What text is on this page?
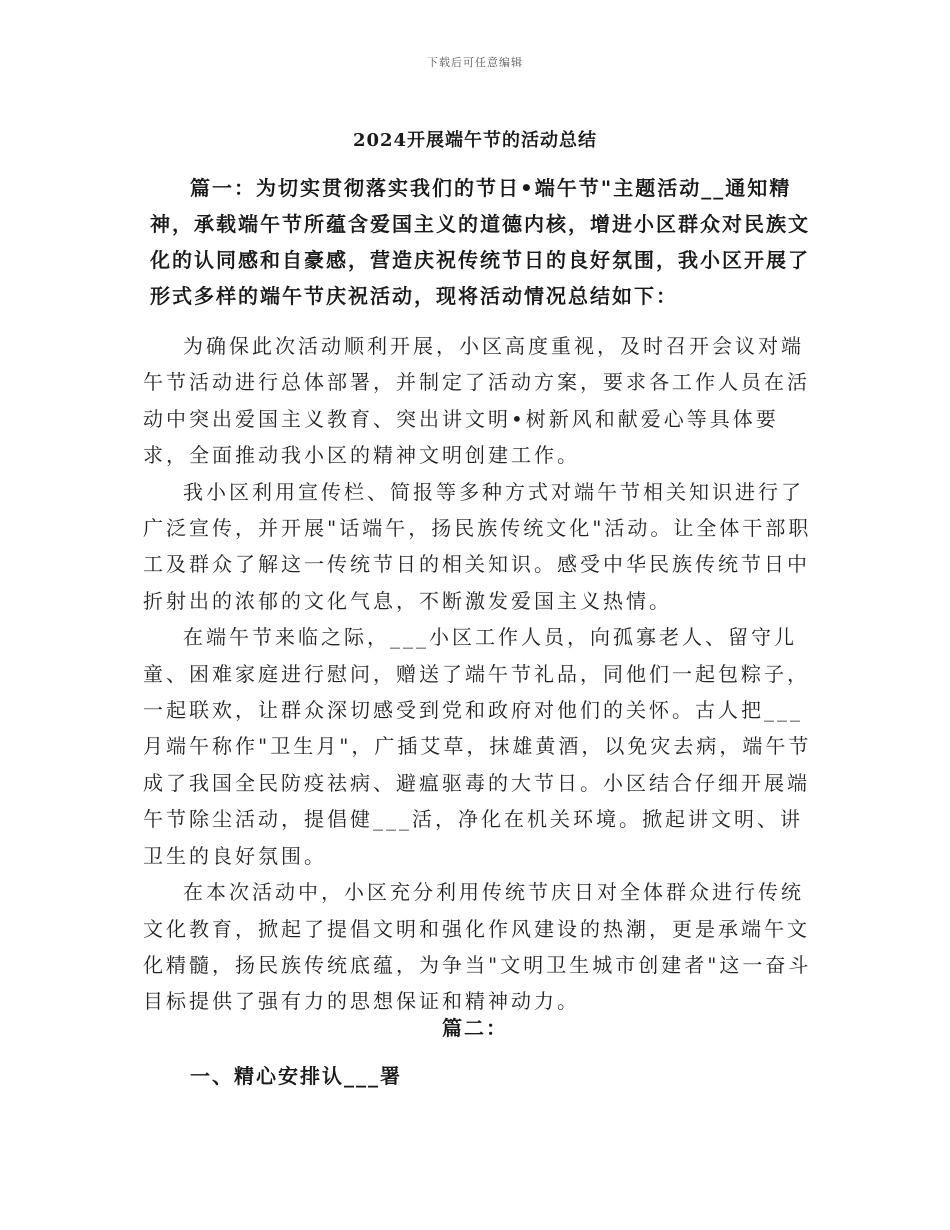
下载后可任意编辑
2024开展端午节的活动总结

篇一：为切实贯彻落实我们的节日•端午节"主题活动__通知精神，承载端午节所蕴含爱国主义的道德内核，增进小区群众对民族文化的认同感和自豪感，营造庆祝传统节日的良好氛围，我小区开展了形式多样的端午节庆祝活动，现将活动情况总结如下：

为确保此次活动顺利开展，小区高度重视，及时召开会议对端午节活动进行总体部署，并制定了活动方案，要求各工作人员在活动中突出爱国主义教育、突出讲文明•树新风和献爱心等具体要求，全面推动我小区的精神文明创建工作。

我小区利用宣传栏、简报等多种方式对端午节相关知识进行了广泛宣传，并开展"话端午，扬民族传统文化"活动。让全体干部职工及群众了解这一传统节日的相关知识。感受中华民族传统节日中折射出的浓郁的文化气息，不断激发爱国主义热情。

在端午节来临之际，___小区工作人员，向孤寡老人、留守儿童、困难家庭进行慰问，赠送了端午节礼品，同他们一起包粽子，一起联欢，让群众深切感受到党和政府对他们的关怀。古人把___月端午称作"卫生月"，广插艾草，抹雄黄酒，以免灾去病，端午节成了我国全民防疫祛病、避瘟驱毒的大节日。小区结合仔细开展端午节除尘活动，提倡健___活，净化在机关环境。掀起讲文明、讲卫生的良好氛围。

在本次活动中，小区充分利用传统节庆日对全体群众进行传统文化教育，掀起了提倡文明和强化作风建设的热潮，更是承端午文化精髓，扬民族传统底蕴，为争当"文明卫生城市创建者"这一奋斗目标提供了强有力的思想保证和精神动力。

篇二：
一、精心安排认___署
